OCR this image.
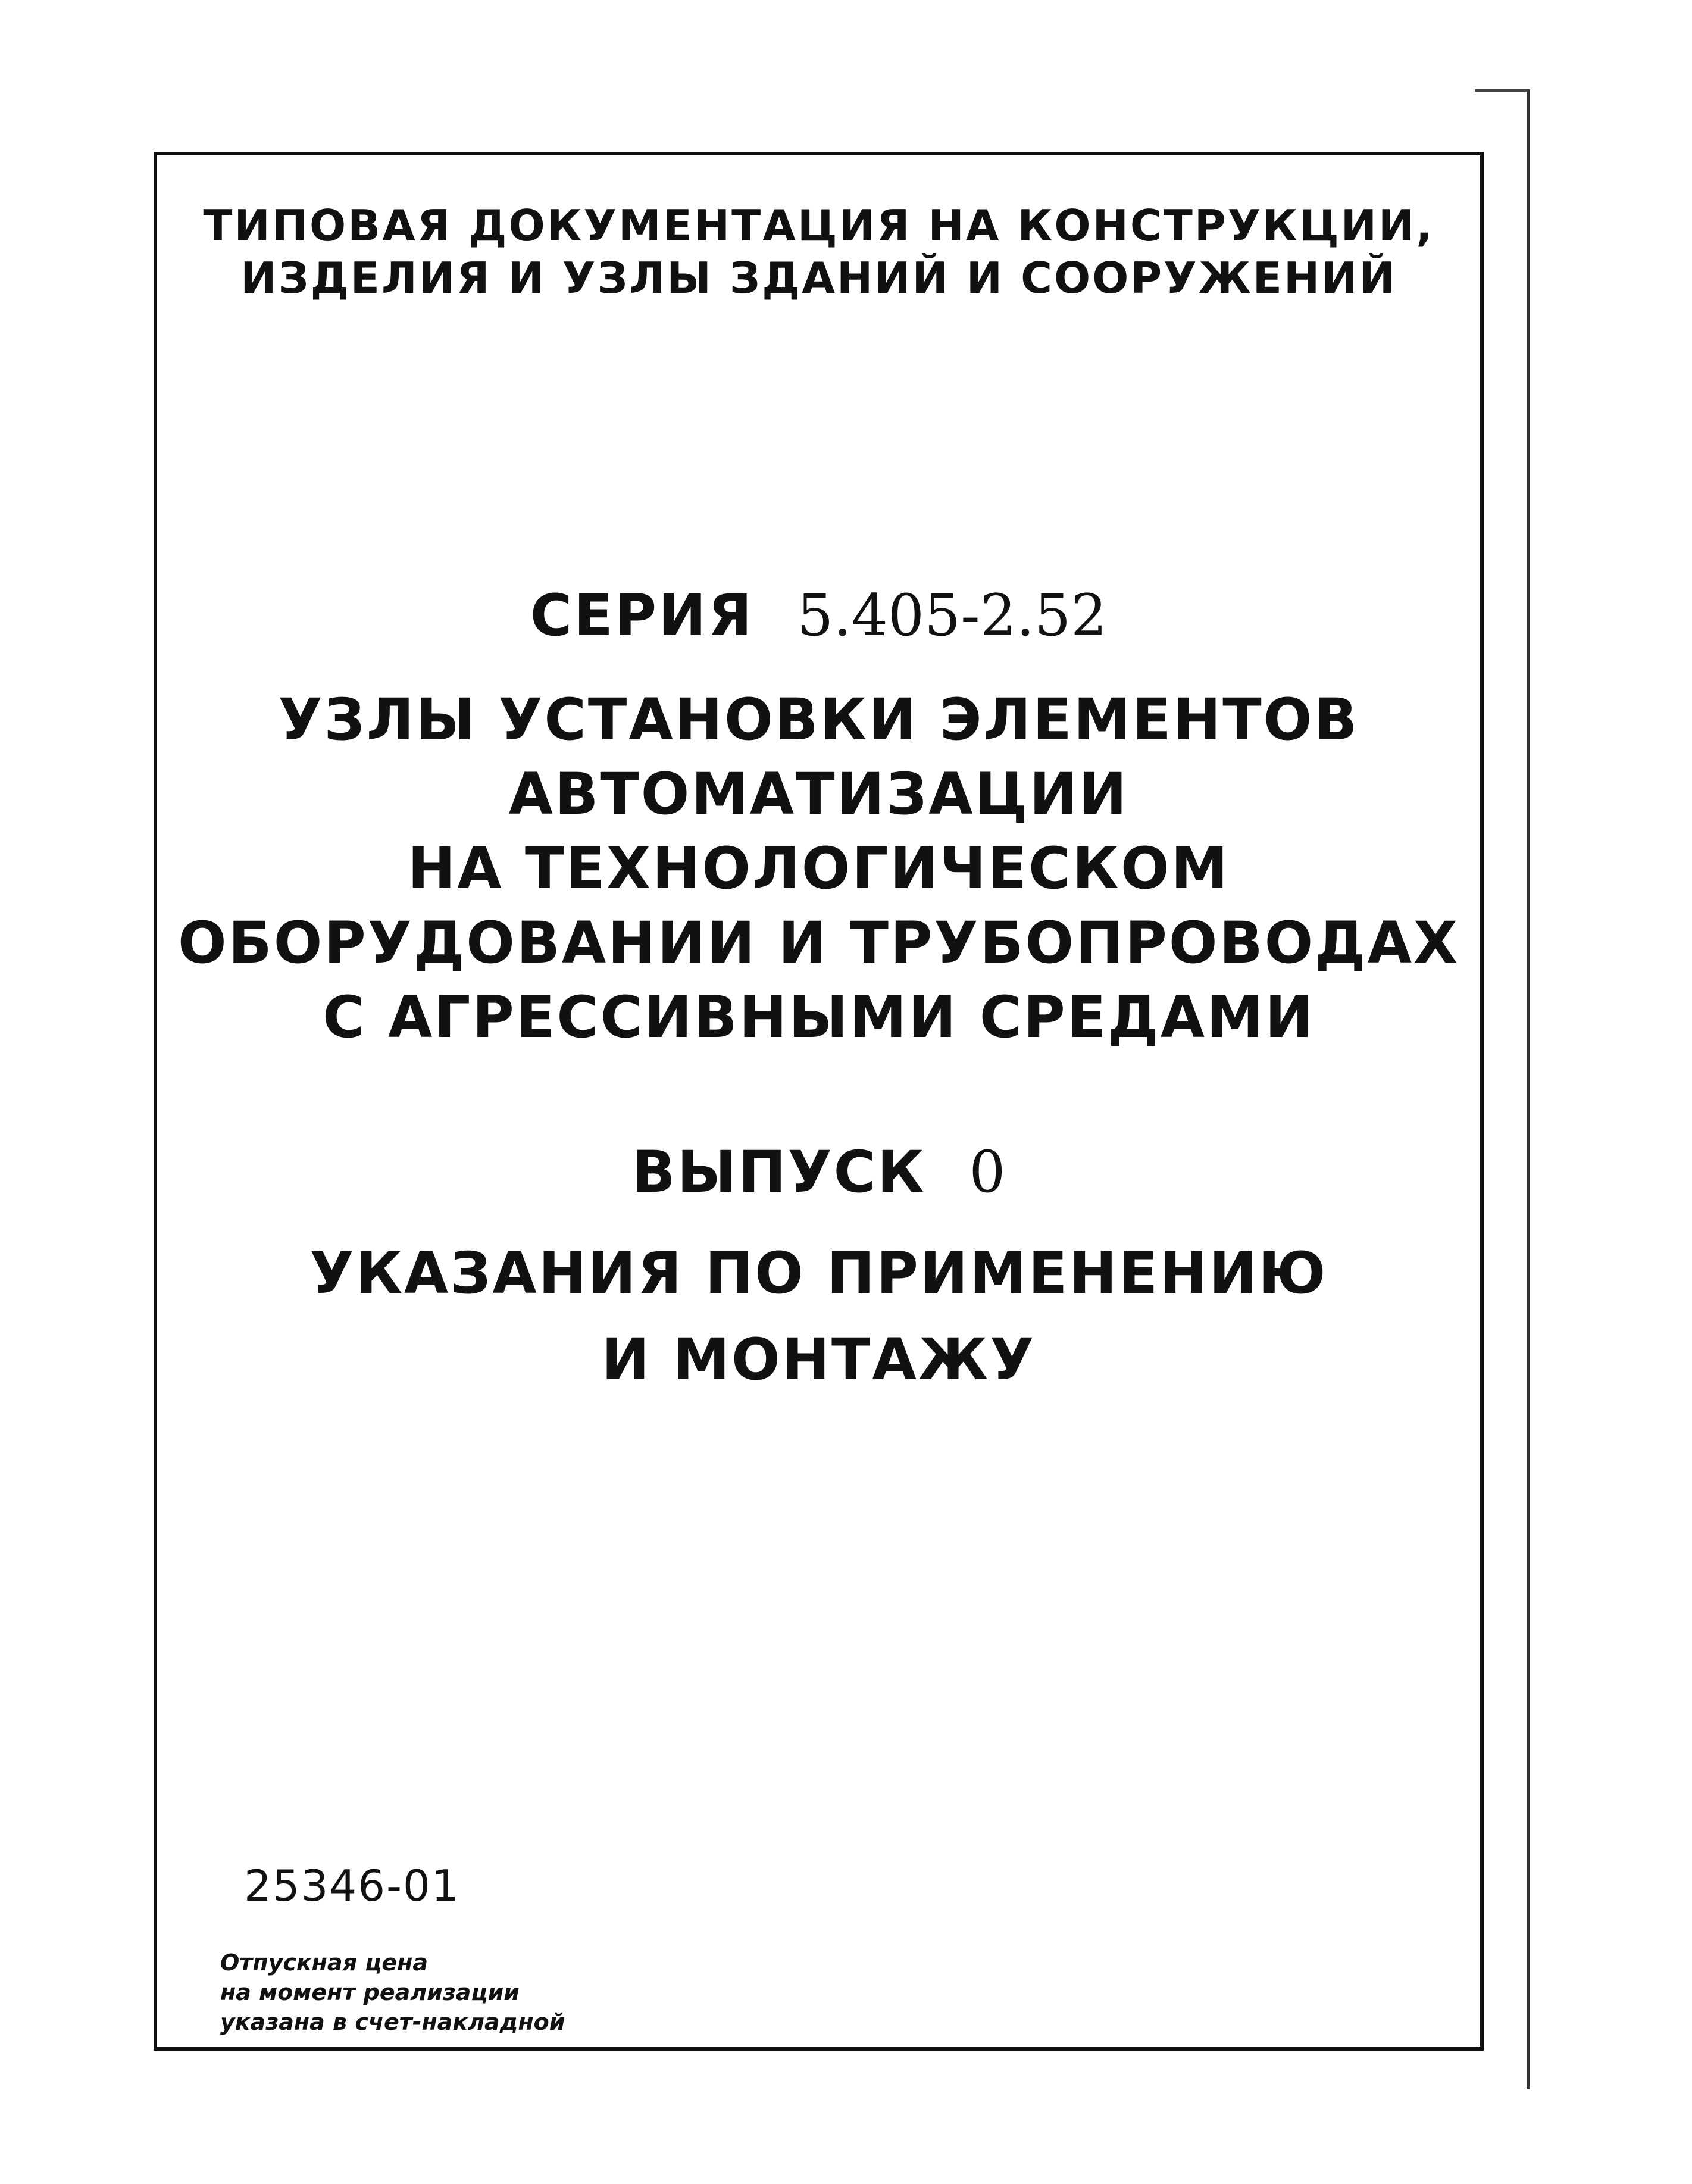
ТИПОВАЯ ДОКУМЕНТАЦИЯ НА КОНСТРУКЦИИ,
ИЗДЕЛИЯ И УЗЛЫ ЗДАНИЙ И СООРУЖЕНИЙ
СЕРИЯ 5.405-2.52
УЗЛЫ УСТАНОВКИ ЭЛЕМЕНТОВ
АВТОМАТИЗАЦИИ
НА ТЕХНОЛОГИЧЕСКОМ
ОБОРУДОВАНИИ И ТРУБОПРОВОДАХ
С АГРЕССИВНЫМИ СРЕДАМИ
ВЫПУСК 0
УКАЗАНИЯ ПО ПРИМЕНЕНИЮ
И МОНТАЖУ
25346-01
Отпускная цена
на момент реализации
указана в счет-накладной
